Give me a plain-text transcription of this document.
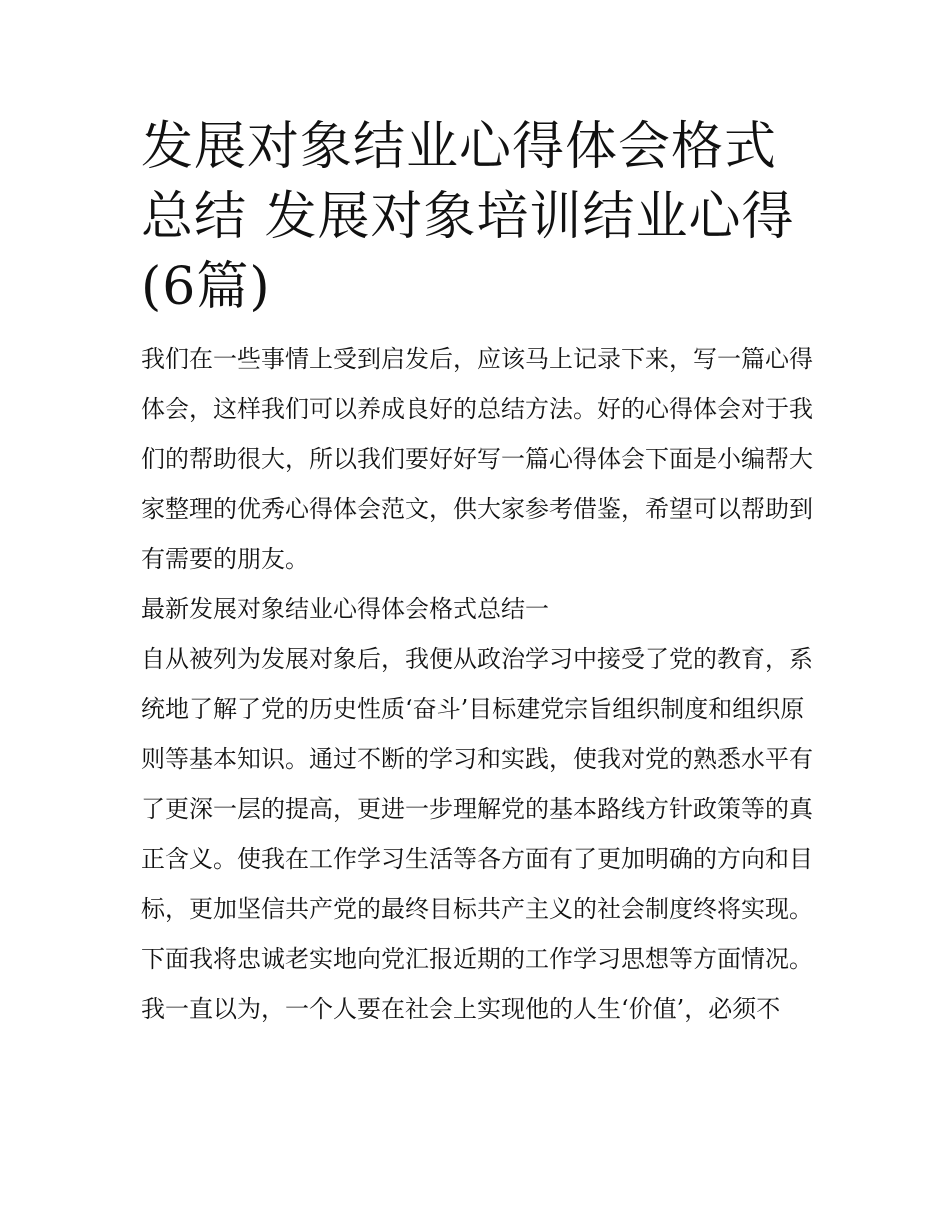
发展对象结业心得体会格式总结 发展对象培训结业心得(6篇)

我们在一些事情上受到启发后，应该马上记录下来，写一篇心得体会，这样我们可以养成良好的总结方法。好的心得体会对于我们的帮助很大，所以我们要好好写一篇心得体会下面是小编帮大家整理的优秀心得体会范文，供大家参考借鉴，希望可以帮助到有需要的朋友。

最新发展对象结业心得体会格式总结一

自从被列为发展对象后，我便从政治学习中接受了党的教育，系统地了解了党的历史性质‘奋斗’目标建党宗旨组织制度和组织原则等基本知识。通过不断的学习和实践，使我对党的熟悉水平有了更深一层的提高，更进一步理解党的基本路线方针政策等的真正含义。使我在工作学习生活等各方面有了更加明确的方向和目标，更加坚信共产党的最终目标共产主义的社会制度终将实现。下面我将忠诚老实地向党汇报近期的工作学习思想等方面情况。

我一直以为，一个人要在社会上实现他的人生‘价值’，必须不
